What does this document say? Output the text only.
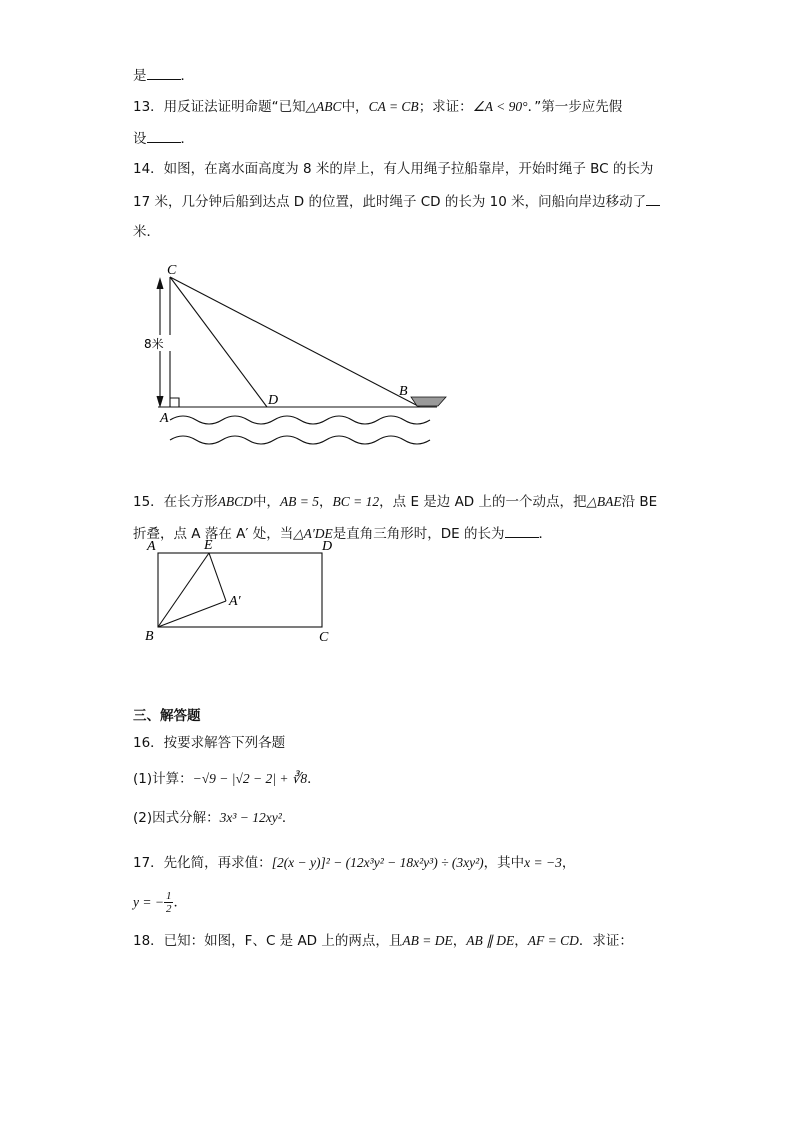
是	．
13．用反证法证明命题“已知△ABC中，CA = CB；求证：∠A < 90°．”第一步应先假
设	．
14．如图，在离水面高度为 8 米的岸上，有人用绳子拉船靠岸，开始时绳子 BC 的长为
17 米，几分钟后船到达点 D 的位置，此时绳子 CD 的长为 10 米，问船向岸边移动了
米．
8米
C
A
D
B
A	E	D
A′
B	C
15．在长方形ABCD中，AB = 5，BC = 12，点 E 是边 AD 上的一个动点，把△BAE沿 BE
折叠，点 A 落在 A′ 处，当△A′DE是直角三角形时，DE 的长为	．
三、解答题
16．按要求解答下列各题
(1)计算：−√9 − |√2 − 2| + ∛8．
(2)因式分解：3x³ − 12xy²．
17．先化简，再求值：[2(x − y)]² − (12x³y² − 18x²y³) ÷ (3xy²)，其中x = −3，
y = − $\frac{1}{2}$ ．
18．已知：如图，F、C 是 AD 上的两点，且AB = DE，AB ∥ DE，AF = CD．求证：
